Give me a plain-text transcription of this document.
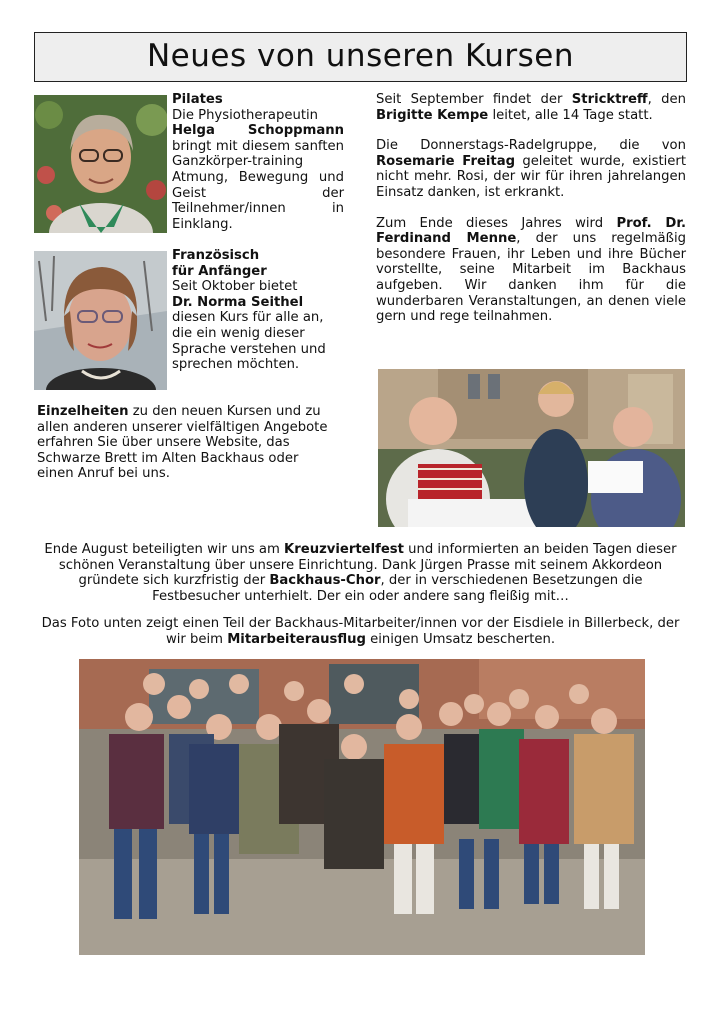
Neues von unseren Kursen
Pilates
Die Physiotherapeutin
Helga Schoppmann bringt mit diesem sanften Ganzkörper-training Atmung, Bewegung und Geist der Teilnehmer/innen in Einklang.
Französisch
für Anfänger
Seit Oktober bietet
Dr. Norma Seithel
diesen Kurs für alle an, die ein wenig dieser Sprache verstehen und sprechen möchten.
Einzelheiten zu den neuen Kursen und zu allen anderen unserer vielfältigen Angebote erfahren Sie über unsere Website, das Schwarze Brett im Alten Backhaus oder einen Anruf bei uns.

Seit September findet der Stricktreff, den Brigitte Kempe leitet, alle 14 Tage statt.

Die Donnerstags-Radelgruppe, die von Rosemarie Freitag geleitet wurde, existiert nicht mehr. Rosi, der wir für ihren jahrelangen Einsatz danken, ist erkrankt.

Zum Ende dieses Jahres wird Prof. Dr. Ferdinand Menne, der uns regelmäßig besondere Frauen, ihr Leben und ihre Bücher vorstellte, seine Mitarbeit im Backhaus aufgeben. Wir danken ihm für die wunderbaren Veranstaltungen, an denen viele gern und rege teilnahmen.

Ende August beteiligten wir uns am Kreuzviertelfest und informierten an beiden Tagen dieser schönen Veranstaltung über unsere Einrichtung. Dank Jürgen Prasse mit seinem Akkordeon gründete sich kurzfristig der Backhaus-Chor, der in verschiedenen Besetzungen die Festbesucher unterhielt. Der ein oder andere sang fleißig mit…
Das Foto unten zeigt einen Teil der Backhaus-Mitarbeiter/innen vor der Eisdiele in Billerbeck, der wir beim Mitarbeiterausflug einigen Umsatz bescherten.
